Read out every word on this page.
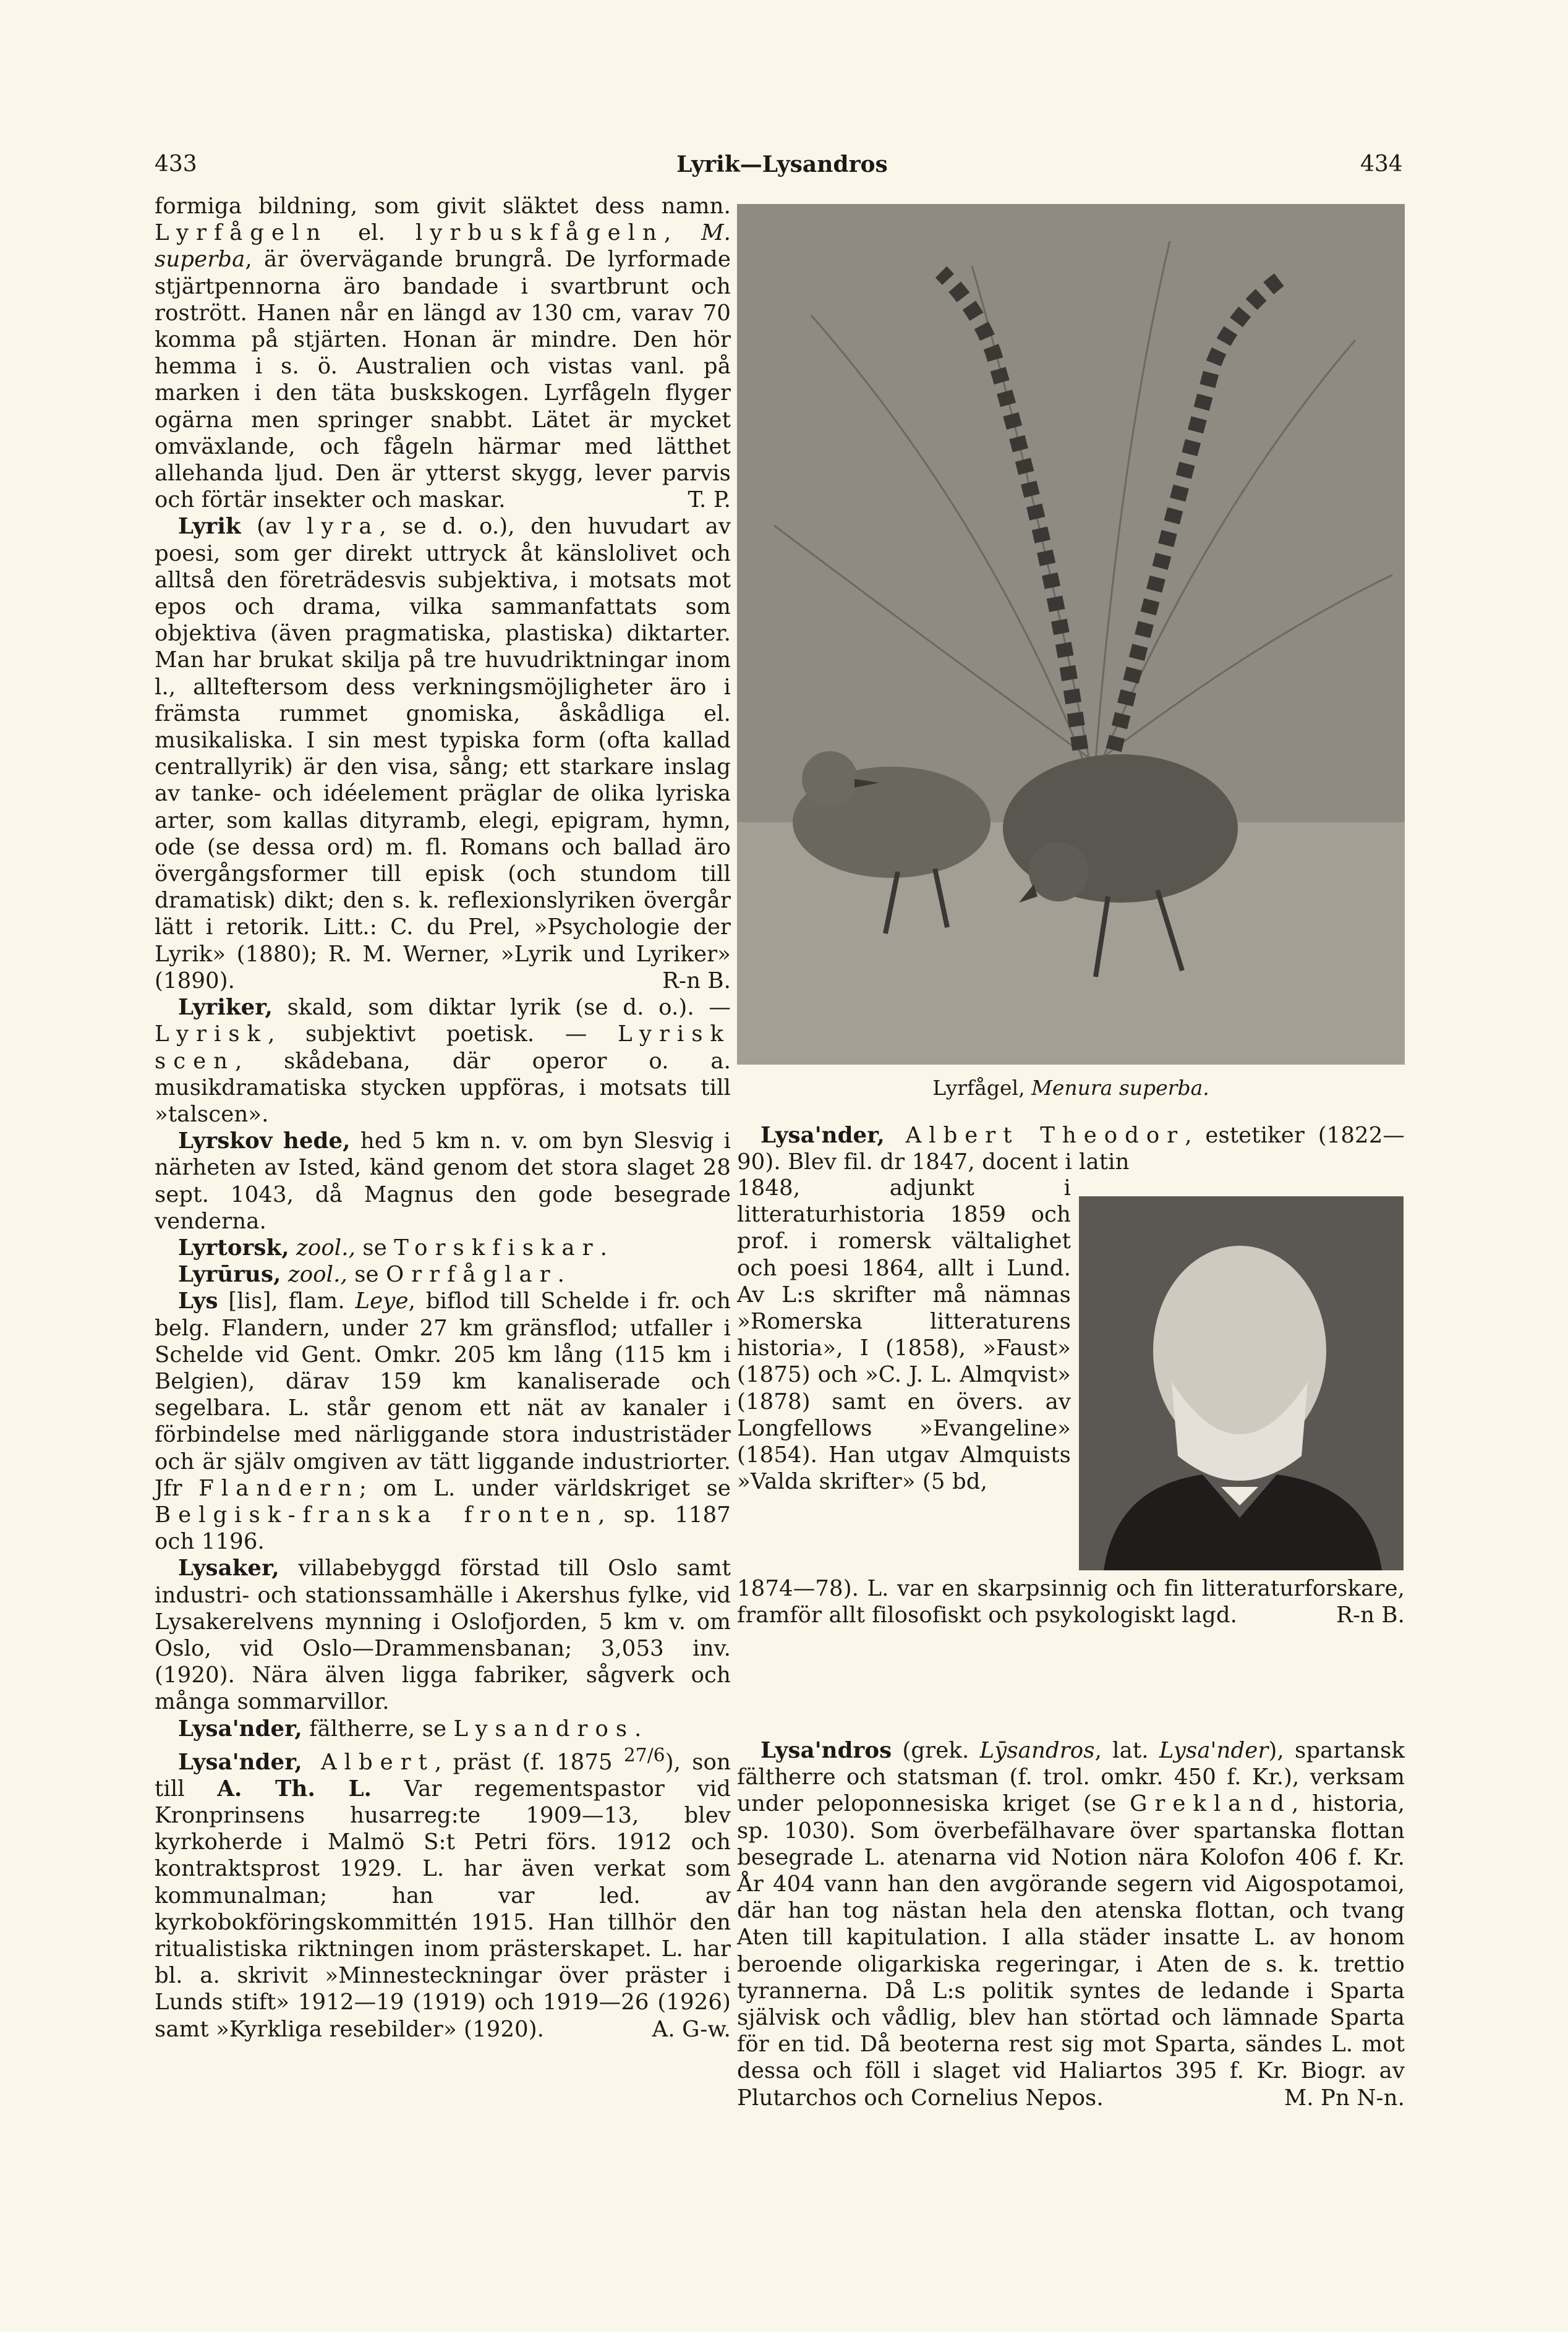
433	Lyrik—Lysandros	434

formiga bildning, som givit släktet dess namn. Lyrfågeln el. lyrbuskfågeln, M. superba, är övervägande brungrå. De lyrformade stjärtpennorna äro bandade i svartbrunt och rostrött. Hanen når en längd av 130 cm, varav 70 komma på stjärten. Honan är mindre. Den hör hemma i s. ö. Australien och vistas vanl. på marken i den täta buskskogen. Lyrfågeln flyger ogärna men springer snabbt. Lätet är mycket omväxlande, och fågeln härmar med lätthet allehanda ljud. Den är ytterst skygg, lever parvis och förtär insekter och maskar.	T. P.

Lyrik (av lyra, se d. o.), den huvudart av poesi, som ger direkt uttryck åt känslolivet och alltså den företrädesvis subjektiva, i motsats mot epos och drama, vilka sammanfattats som objektiva (även pragmatiska, plastiska) diktarter. Man har brukat skilja på tre huvudriktningar inom l., allteftersom dess verkningsmöjligheter äro i främsta rummet gnomiska, åskådliga el. musikaliska. I sin mest typiska form (ofta kallad centrallyrik) är den visa, sång; ett starkare inslag av tanke- och idéelement präglar de olika lyriska arter, som kallas dityramb, elegi, epigram, hymn, ode (se dessa ord) m. fl. Romans och ballad äro övergångsformer till episk (och stundom till dramatisk) dikt; den s. k. reflexionslyriken övergår lätt i retorik. Litt.: C. du Prel, »Psychologie der Lyrik» (1880); R. M. Werner, »Lyrik und Lyriker» (1890).	R-n B.

Lyriker, skald, som diktar lyrik (se d. o.). — Lyrisk, subjektivt poetisk. — Lyrisk scen, skådebana, där operor o. a. musikdramatiska stycken uppföras, i motsats till »talscen».

Lyrskov hede, hed 5 km n. v. om byn Slesvig i närheten av Isted, känd genom det stora slaget 28 sept. 1043, då Magnus den gode besegrade venderna.

Lyrtorsk, zool., se Torskfiskar.

Lyrūrus, zool., se Orrfåglar.

Lys [lis], flam. Leye, biflod till Schelde i fr. och belg. Flandern, under 27 km gränsflod; utfaller i Schelde vid Gent. Omkr. 205 km lång (115 km i Belgien), därav 159 km kanaliserade och segelbara. L. står genom ett nät av kanaler i förbindelse med närliggande stora industristäder och är själv omgiven av tätt liggande industriorter. Jfr Flandern; om L. under världskriget se Belgisk-franska fronten, sp. 1187 och 1196.

Lysaker, villabebyggd förstad till Oslo samt industri- och stationssamhälle i Akershus fylke, vid Lysakerelvens mynning i Oslofjorden, 5 km v. om Oslo, vid Oslo—Drammensbanan; 3,053 inv. (1920). Nära älven ligga fabriker, sågverk och många sommarvillor.

Lysa'nder, fältherre, se Lysandros.

Lysa'nder, Albert, präst (f. 1875 $^{27/6}$), son till A. Th. L. Var regementspastor vid Kronprinsens husarreg:te 1909—13, blev kyrkoherde i Malmö S:t Petri förs. 1912 och kontraktsprost 1929. L. har även verkat som kommunalman; han var led. av kyrkobokföringskommittén 1915. Han tillhör den ritualistiska riktningen inom prästerskapet. L. har bl. a. skrivit »Minnesteckningar över präster i Lunds stift» 1912—19 (1919) och 1919—26 (1926) samt »Kyrkliga resebilder» (1920).	A. G-w.

Lyrfågel, Menura superba.

Lysa'nder, Albert Theodor, estetiker (1822—90). Blev fil. dr 1847, docent i latin

1848, adjunkt i litteraturhistoria 1859 och prof. i romersk vältalighet och poesi 1864, allt i Lund. Av L:s skrifter må nämnas »Romerska litteraturens historia», I (1858), »Faust» (1875) och »C. J. L. Almqvist» (1878) samt en övers. av Longfellows »Evangeline» (1854). Han utgav Almquists »Valda skrifter» (5 bd,

1874—78). L. var en skarpsinnig och fin litteraturforskare, framför allt filosofiskt och psykologiskt lagd.	R-n B.

Lysa'ndros (grek. Lȳsandros, lat. Lysa'nder), spartansk fältherre och statsman (f. trol. omkr. 450 f. Kr.), verksam under peloponnesiska kriget (se Grekland, historia, sp. 1030). Som överbefälhavare över spartanska flottan besegrade L. atenarna vid Notion nära Kolofon 406 f. Kr. År 404 vann han den avgörande segern vid Aigospotamoi, där han tog nästan hela den atenska flottan, och tvang Aten till kapitulation. I alla städer insatte L. av honom beroende oligarkiska regeringar, i Aten de s. k. trettio tyrannerna. Då L:s politik syntes de ledande i Sparta självisk och vådlig, blev han störtad och lämnade Sparta för en tid. Då beoterna rest sig mot Sparta, sändes L. mot dessa och föll i slaget vid Haliartos 395 f. Kr. Biogr. av Plutarchos och Cornelius Nepos.	M. Pn N-n.
